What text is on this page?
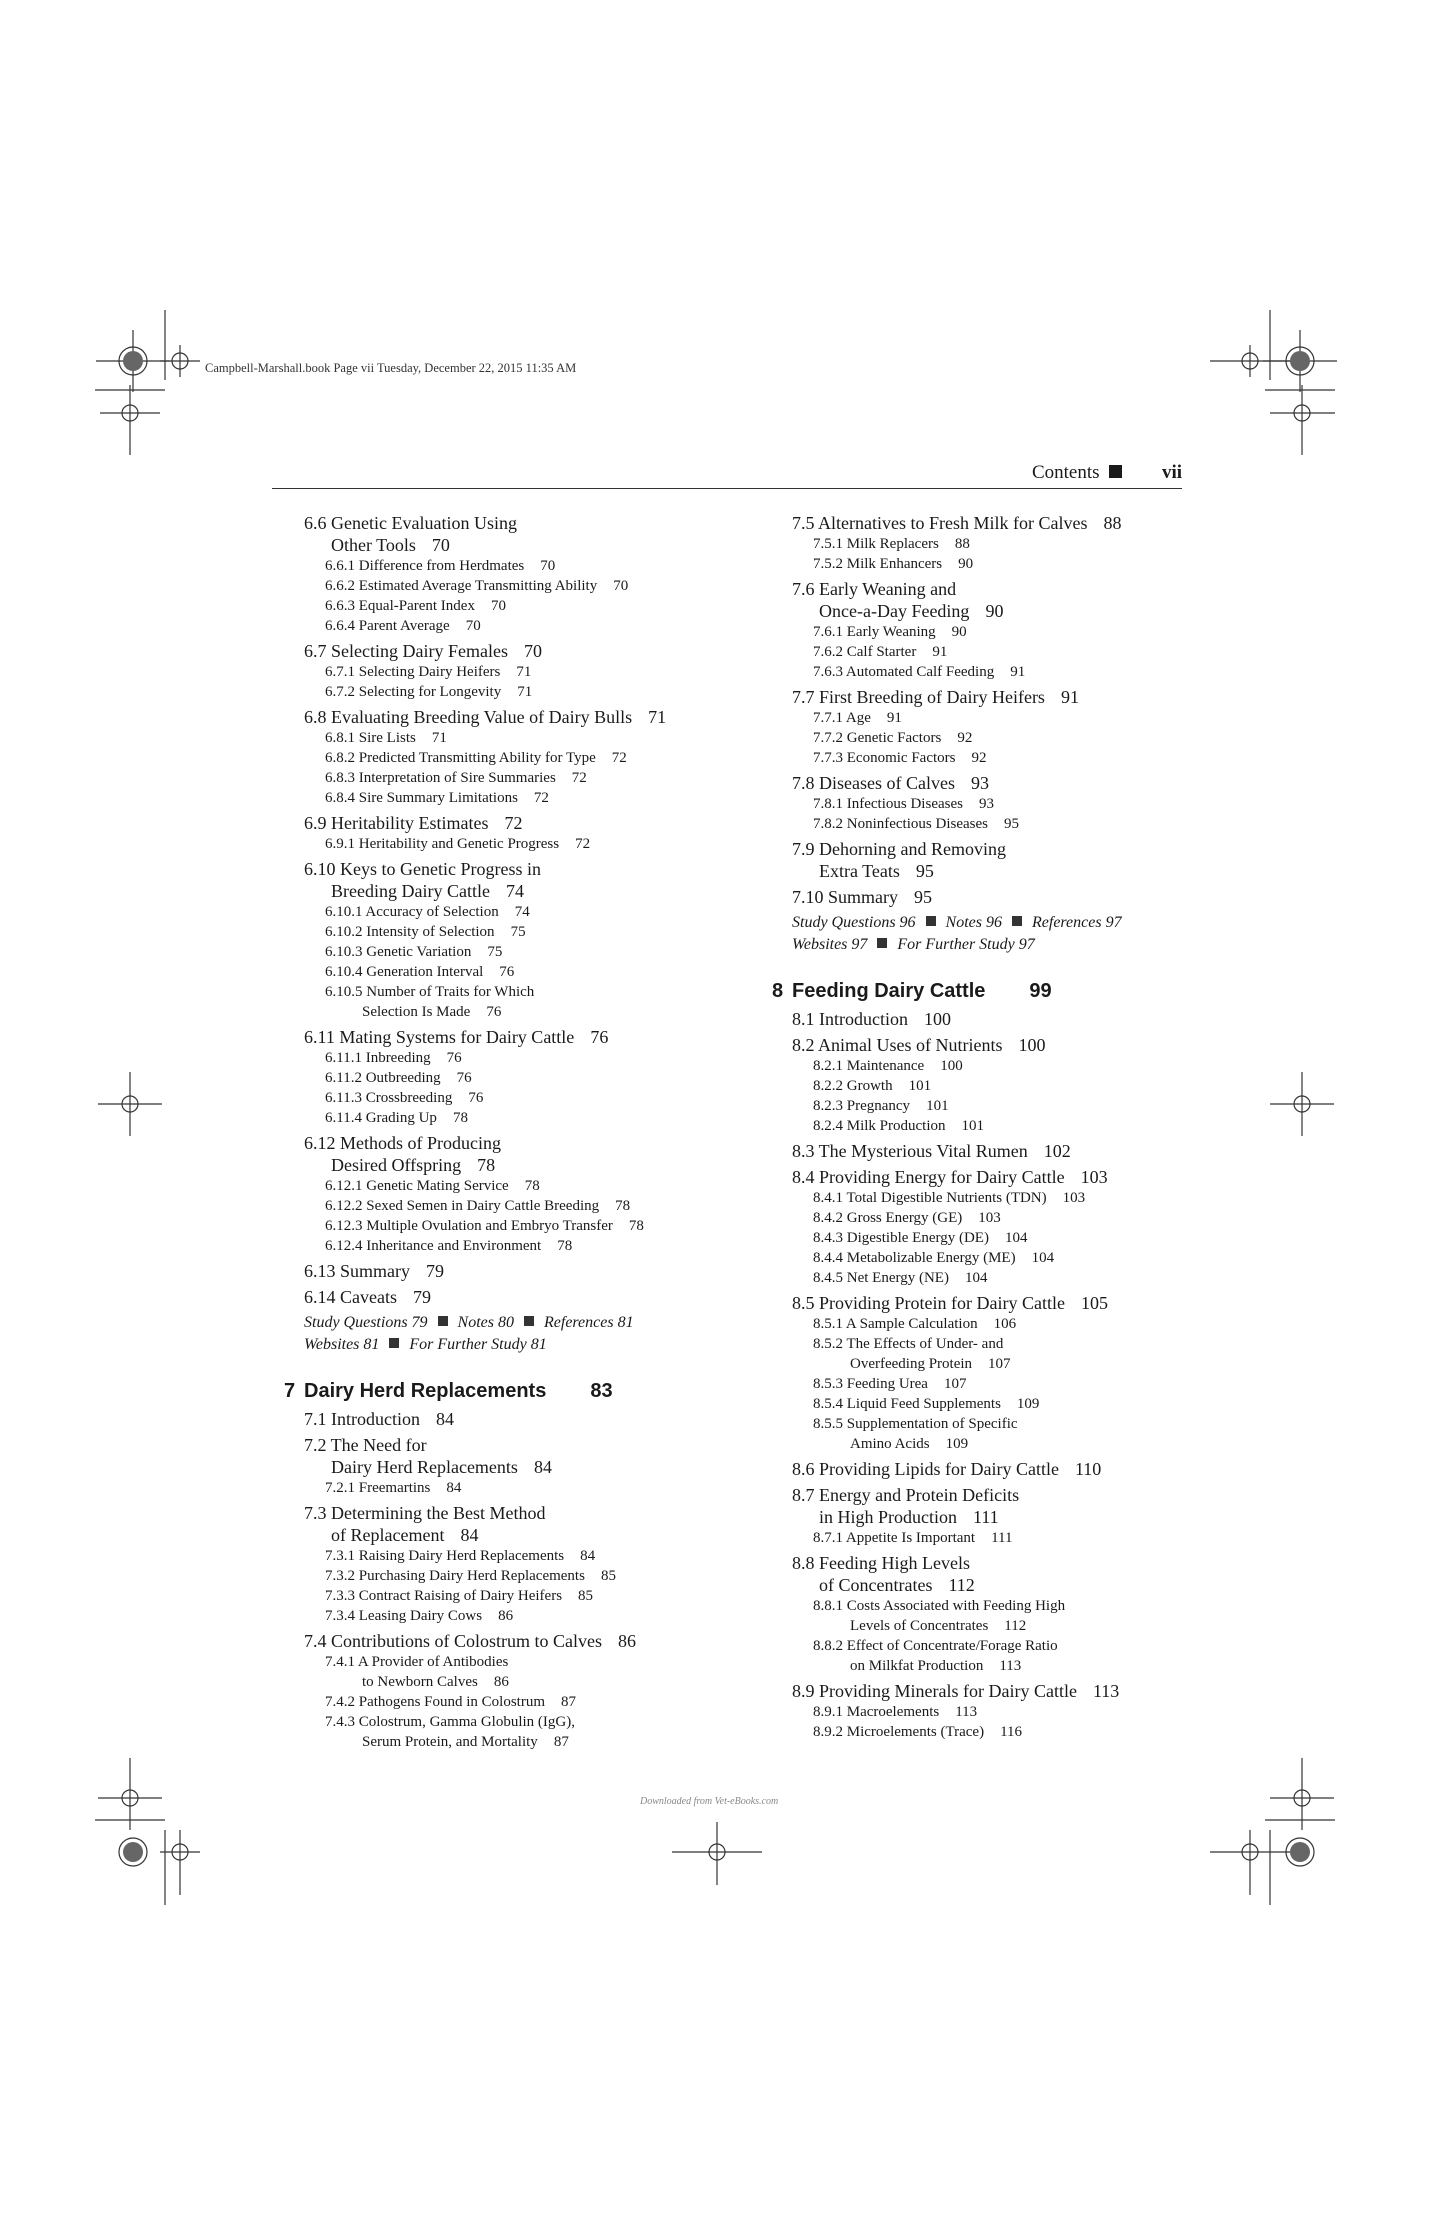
Campbell-Marshall.book Page vii Tuesday, December 22, 2015 11:35 AM
Contents	vii
6.6 Genetic Evaluation Using
Other Tools 70
6.6.1 Difference from Herdmates 70
6.6.2 Estimated Average Transmitting Ability 70
6.6.3 Equal-Parent Index 70
6.6.4 Parent Average 70
6.7 Selecting Dairy Females 70
6.7.1 Selecting Dairy Heifers 71
6.7.2 Selecting for Longevity 71
6.8 Evaluating Breeding Value of Dairy Bulls 71
6.8.1 Sire Lists 71
6.8.2 Predicted Transmitting Ability for Type 72
6.8.3 Interpretation of Sire Summaries 72
6.8.4 Sire Summary Limitations 72
6.9 Heritability Estimates 72
6.9.1 Heritability and Genetic Progress 72
6.10 Keys to Genetic Progress in
Breeding Dairy Cattle 74
6.10.1 Accuracy of Selection 74
6.10.2 Intensity of Selection 75
6.10.3 Genetic Variation 75
6.10.4 Generation Interval 76
6.10.5 Number of Traits for Which
Selection Is Made 76
6.11 Mating Systems for Dairy Cattle 76
6.11.1 Inbreeding 76
6.11.2 Outbreeding 76
6.11.3 Crossbreeding 76
6.11.4 Grading Up 78
6.12 Methods of Producing
Desired Offspring 78
6.12.1 Genetic Mating Service 78
6.12.2 Sexed Semen in Dairy Cattle Breeding 78
6.12.3 Multiple Ovulation and Embryo Transfer 78
6.12.4 Inheritance and Environment 78
6.13 Summary 79
6.14 Caveats 79
Study Questions 79 Notes 80 References 81
Websites 81 For Further Study 81
7 Dairy Herd Replacements 83
7.1 Introduction 84
7.2 The Need for
Dairy Herd Replacements 84
7.2.1 Freemartins 84
7.3 Determining the Best Method
of Replacement 84
7.3.1 Raising Dairy Herd Replacements 84
7.3.2 Purchasing Dairy Herd Replacements 85
7.3.3 Contract Raising of Dairy Heifers 85
7.3.4 Leasing Dairy Cows 86
7.4 Contributions of Colostrum to Calves 86
7.4.1 A Provider of Antibodies
to Newborn Calves 86
7.4.2 Pathogens Found in Colostrum 87
7.4.3 Colostrum, Gamma Globulin (IgG),
Serum Protein, and Mortality 87
7.5 Alternatives to Fresh Milk for Calves 88
7.5.1 Milk Replacers 88
7.5.2 Milk Enhancers 90
7.6 Early Weaning and
Once-a-Day Feeding 90
7.6.1 Early Weaning 90
7.6.2 Calf Starter 91
7.6.3 Automated Calf Feeding 91
7.7 First Breeding of Dairy Heifers 91
7.7.1 Age 91
7.7.2 Genetic Factors 92
7.7.3 Economic Factors 92
7.8 Diseases of Calves 93
7.8.1 Infectious Diseases 93
7.8.2 Noninfectious Diseases 95
7.9 Dehorning and Removing
Extra Teats 95
7.10 Summary 95
Study Questions 96 Notes 96 References 97
Websites 97 For Further Study 97
8 Feeding Dairy Cattle 99
8.1 Introduction 100
8.2 Animal Uses of Nutrients 100
8.2.1 Maintenance 100
8.2.2 Growth 101
8.2.3 Pregnancy 101
8.2.4 Milk Production 101
8.3 The Mysterious Vital Rumen 102
8.4 Providing Energy for Dairy Cattle 103
8.4.1 Total Digestible Nutrients (TDN) 103
8.4.2 Gross Energy (GE) 103
8.4.3 Digestible Energy (DE) 104
8.4.4 Metabolizable Energy (ME) 104
8.4.5 Net Energy (NE) 104
8.5 Providing Protein for Dairy Cattle 105
8.5.1 A Sample Calculation 106
8.5.2 The Effects of Under- and
Overfeeding Protein 107
8.5.3 Feeding Urea 107
8.5.4 Liquid Feed Supplements 109
8.5.5 Supplementation of Specific
Amino Acids 109
8.6 Providing Lipids for Dairy Cattle 110
8.7 Energy and Protein Deficits
in High Production 111
8.7.1 Appetite Is Important 111
8.8 Feeding High Levels
of Concentrates 112
8.8.1 Costs Associated with Feeding High
Levels of Concentrates 112
8.8.2 Effect of Concentrate/Forage Ratio
on Milkfat Production 113
8.9 Providing Minerals for Dairy Cattle 113
8.9.1 Macroelements 113
8.9.2 Microelements (Trace) 116
Downloaded from Vet-eBooks.com
